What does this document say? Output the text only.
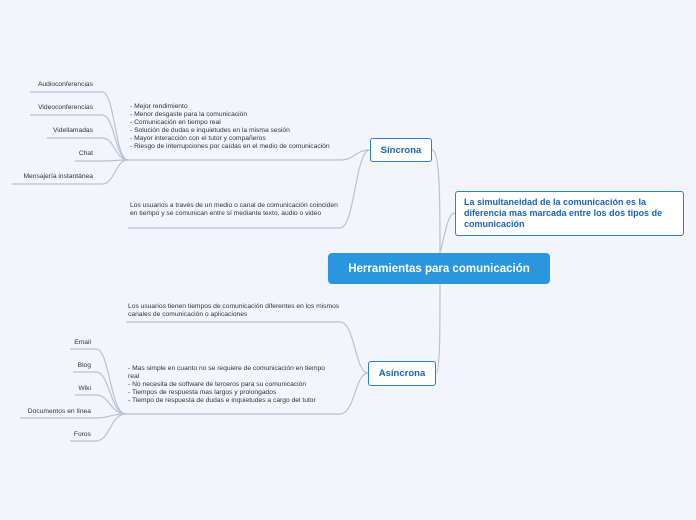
Herramientas para comunicación
Síncrona
Asíncrona
La simultaneidad de la comunicación es la diferencia mas marcada entre los dos tipos de comunicación
- Mejor rendimiento
- Menor desgaste para la comunicación
- Comunicación en tiempo real
- Solución de dudas e inquietudes en la misma sesión
- Mayor interacción con el tutor y compañeros
- Riesgo de interrupciones por caídas en el medio de comunicación
Los usuarios a través de un medio o canal de comunicación coinciden en tiempo y se comunican entre sí mediante texto, audio o video
Audioconferencias
Videoconferencias
Videllamadas
Chat
Mensajería instantánea
Los usuarios tienen tiempos de comunicación diferentes en los mismos canales de comunicación o aplicaciones
- Mas simple en cuanto no se requiere de comunicación en tiempo real
- No necesita de software de terceros para su comunicación
- Tiempos de respuesta mas largos y prolongados
- Tiempo de respuesta de dudas e inquietudes a cargo del tutor
Email
Blog
Wiki
Documentos en línea
Foros
